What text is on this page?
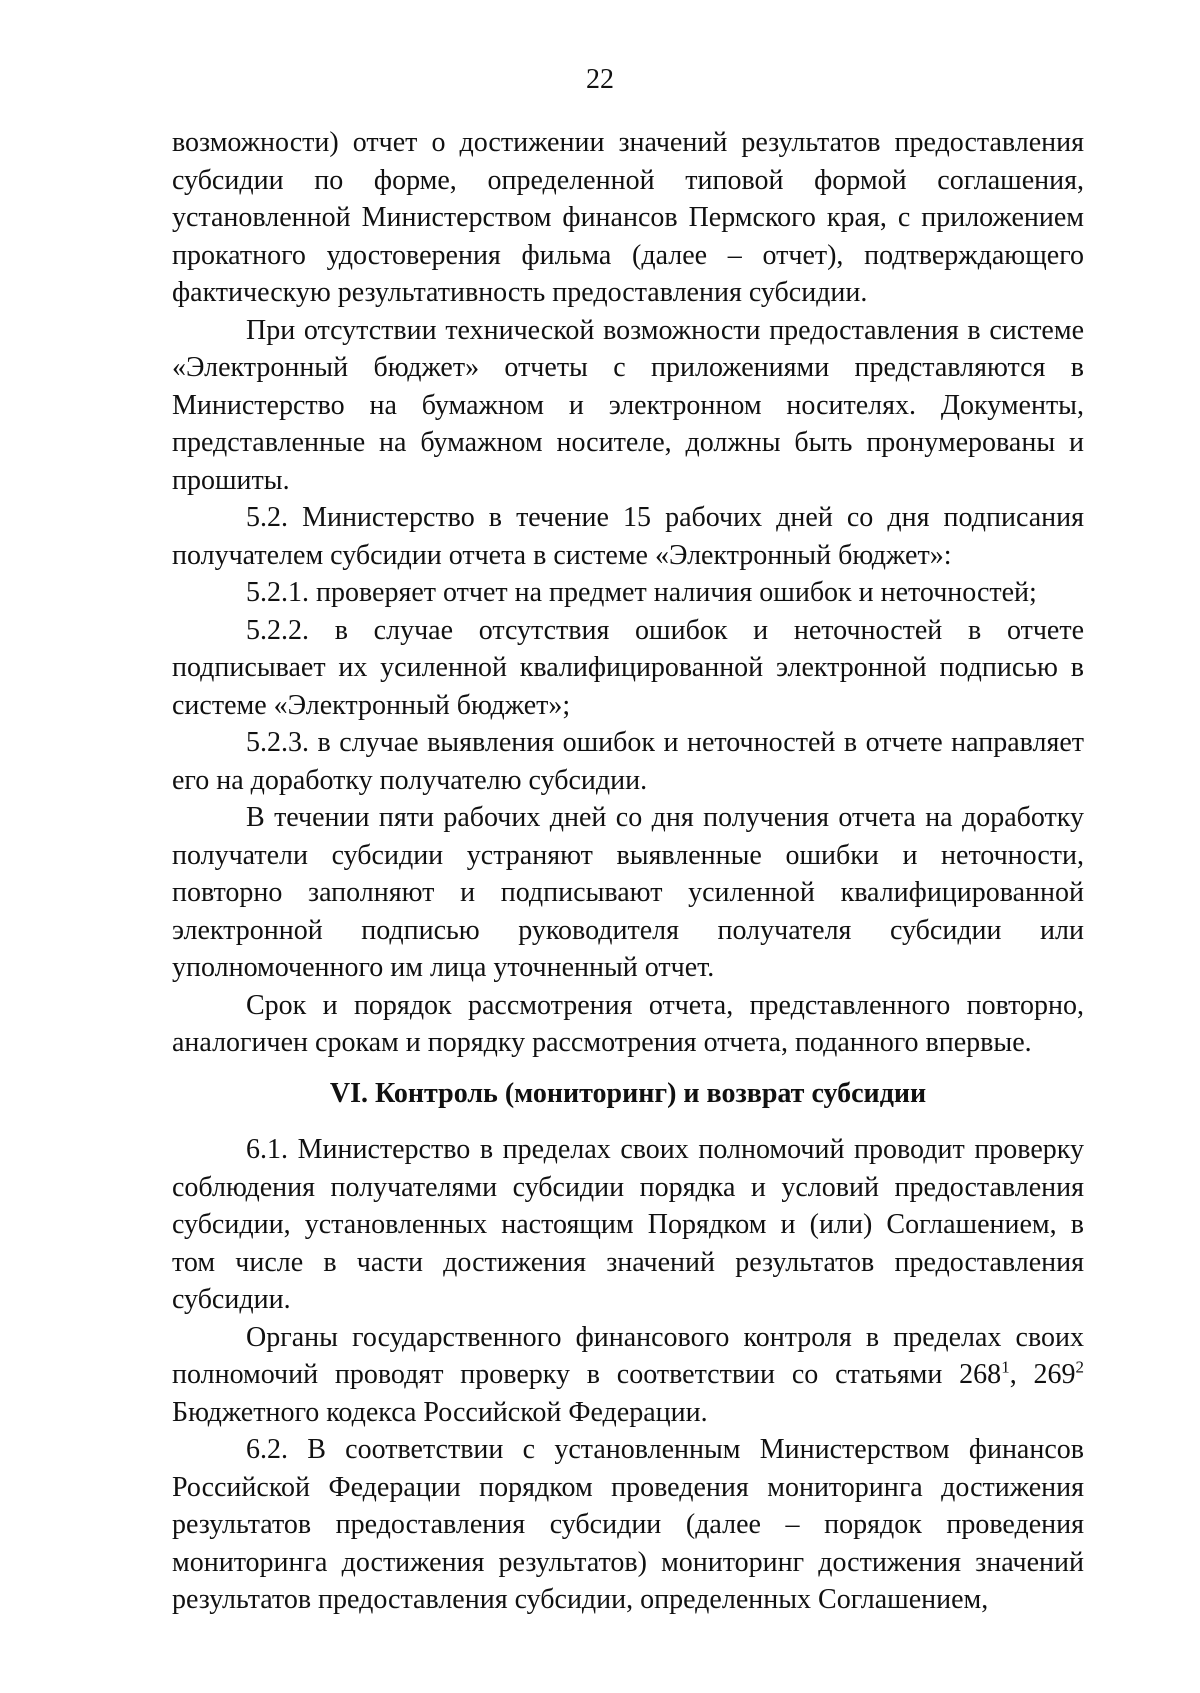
22

возможности) отчет о достижении значений результатов предоставления субсидии по форме, определенной типовой формой соглашения, установленной Министерством финансов Пермского края, с приложением прокатного удостоверения фильма (далее – отчет), подтверждающего фактическую результативность предоставления субсидии.

При отсутствии технической возможности предоставления в системе «Электронный бюджет» отчеты с приложениями представляются в Министерство на бумажном и электронном носителях. Документы, представленные на бумажном носителе, должны быть пронумерованы и прошиты.

5.2. Министерство в течение 15 рабочих дней со дня подписания получателем субсидии отчета в системе «Электронный бюджет»:

5.2.1. проверяет отчет на предмет наличия ошибок и неточностей;

5.2.2. в случае отсутствия ошибок и неточностей в отчете подписывает их усиленной квалифицированной электронной подписью в системе «Электронный бюджет»;

5.2.3. в случае выявления ошибок и неточностей в отчете направляет его на доработку получателю субсидии.

В течении пяти рабочих дней со дня получения отчета на доработку получатели субсидии устраняют выявленные ошибки и неточности, повторно заполняют и подписывают усиленной квалифицированной электронной подписью руководителя получателя субсидии или уполномоченного им лица уточненный отчет.

Срок и порядок рассмотрения отчета, представленного повторно, аналогичен срокам и порядку рассмотрения отчета, поданного впервые.

VI. Контроль (мониторинг) и возврат субсидии

6.1. Министерство в пределах своих полномочий проводит проверку соблюдения получателями субсидии порядка и условий предоставления субсидии, установленных настоящим Порядком и (или) Соглашением, в том числе в части достижения значений результатов предоставления субсидии.

Органы государственного финансового контроля в пределах своих полномочий проводят проверку в соответствии со статьями $268^1$, $269^2$ Бюджетного кодекса Российской Федерации.

6.2. В соответствии с установленным Министерством финансов Российской Федерации порядком проведения мониторинга достижения результатов предоставления субсидии (далее – порядок проведения мониторинга достижения результатов) мониторинг достижения значений результатов предоставления субсидии, определенных Соглашением,
